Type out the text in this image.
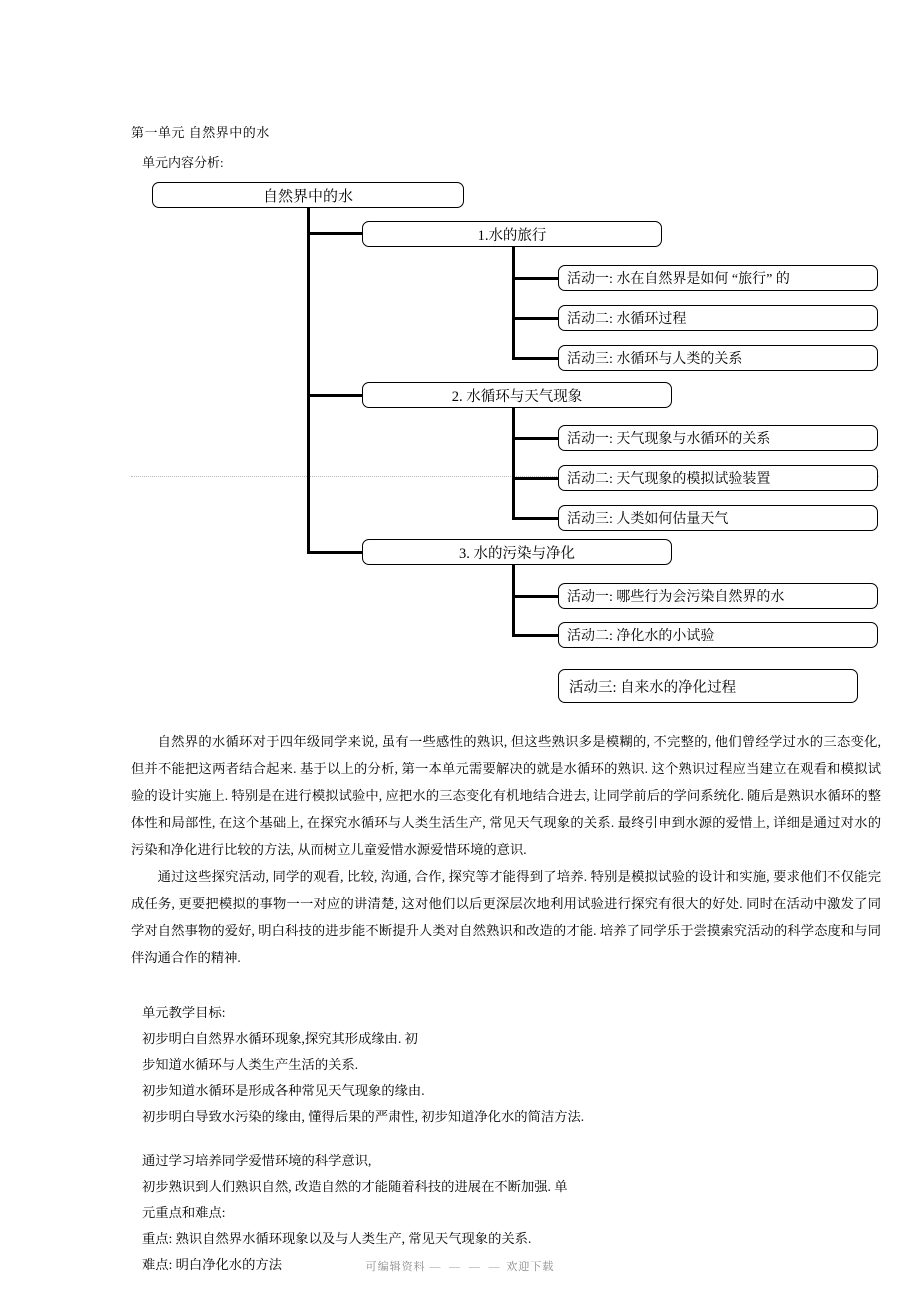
第一单元 自然界中的水
单元内容分析:
自然界中的水
1.水的旅行
活动一: 水在自然界是如何 “旅行” 的
活动二: 水循环过程
活动三: 水循环与人类的关系
2. 水循环与天气现象
活动一: 天气现象与水循环的关系
活动二: 天气现象的模拟试验装置
活动三: 人类如何估量天气
3. 水的污染与净化
活动一: 哪些行为会污染自然界的水
活动二: 净化水的小试验
活动三: 自来水的净化过程

自然界的水循环对于四年级同学来说, 虽有一些感性的熟识, 但这些熟识多是模糊的, 不完整的, 他们曾经学过水的三态变化, 但并不能把这两者结合起来. 基于以上的分析, 第一本单元需要解决的就是水循环的熟识. 这个熟识过程应当建立在观看和模拟试验的设计实施上. 特别是在进行模拟试验中, 应把水的三态变化有机地结合进去, 让同学前后的学问系统化. 随后是熟识水循环的整体性和局部性, 在这个基础上, 在探究水循环与人类生活生产, 常见天气现象的关系. 最终引申到水源的爱惜上, 详细是通过对水的污染和净化进行比较的方法, 从而树立儿童爱惜水源爱惜环境的意识.

通过这些探究活动, 同学的观看, 比较, 沟通, 合作, 探究等才能得到了培养. 特别是模拟试验的设计和实施, 要求他们不仅能完成任务, 更要把模拟的事物一一对应的讲清楚, 这对他们以后更深层次地利用试验进行探究有很大的好处. 同时在活动中激发了同学对自然事物的爱好, 明白科技的进步能不断提升人类对自然熟识和改造的才能. 培养了同学乐于尝摸索究活动的科学态度和与同伴沟通合作的精神.

单元教学目标:
初步明白自然界水循环现象,探究其形成缘由. 初
步知道水循环与人类生产生活的关系.
初步知道水循环是形成各种常见天气现象的缘由.
初步明白导致水污染的缘由, 懂得后果的严肃性, 初步知道净化水的简洁方法.
通过学习培养同学爱惜环境的科学意识,
初步熟识到人们熟识自然, 改造自然的才能随着科技的进展在不断加强. 单
元重点和难点:
重点: 熟识自然界水循环现象以及与人类生产, 常见天气现象的关系.
难点: 明白净化水的方法	可编辑资料 — — — — 欢迎下载
